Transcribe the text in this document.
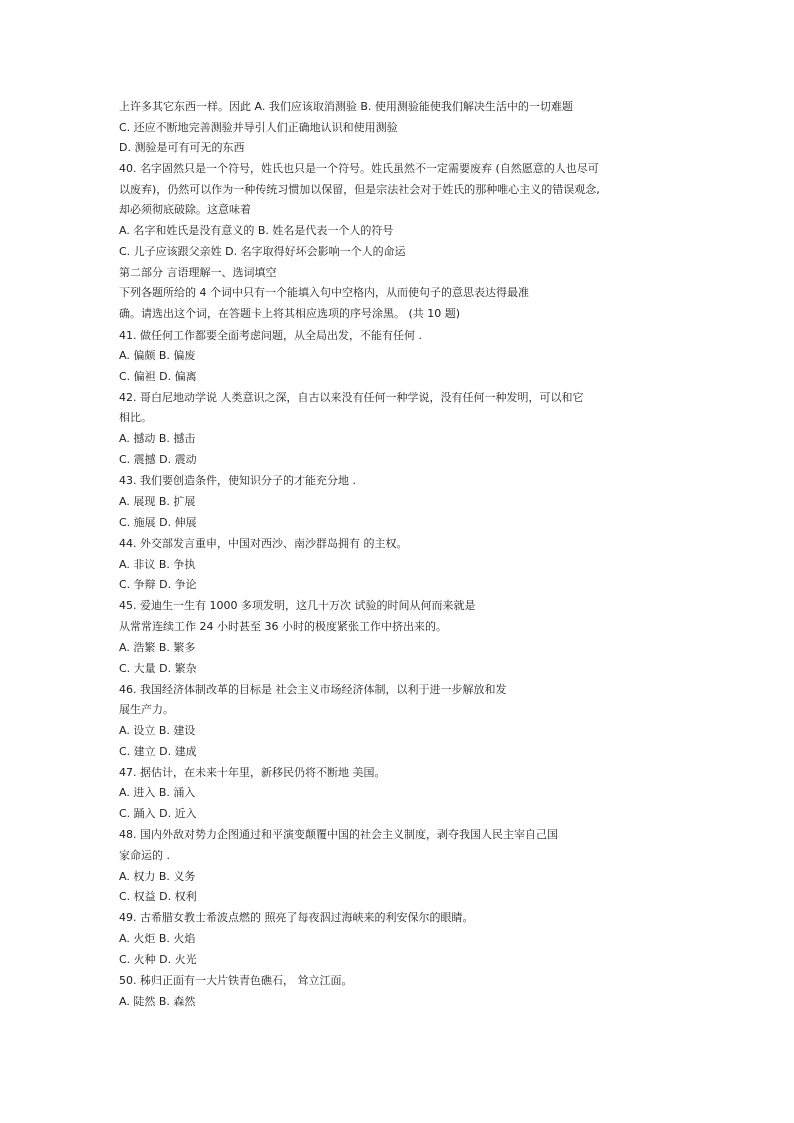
上许多其它东西一样。因此 A. 我们应该取消测验 B. 使用测验能使我们解决生活中的一切难题
C. 还应不断地完善测验并导引人们正确地认识和使用测验
D. 测验是可有可无的东西
40. 名字固然只是一个符号，姓氏也只是一个符号。姓氏虽然不一定需要废弃 (自然愿意的人也尽可
以废弃)，仍然可以作为一种传统习惯加以保留，但是宗法社会对于姓氏的那种唯心主义的错误观念,
却必须彻底破除。这意味着
A. 名字和姓氏是没有意义的 B. 姓名是代表一个人的符号
C. 儿子应该跟父亲姓 D. 名字取得好坏会影响一个人的命运
第二部分 言语理解一、选词填空
下列各题所给的 4 个词中只有一个能填入句中空格内，从而使句子的意思表达得最准
确。请选出这个词，在答题卡上将其相应选项的序号涂黑。 (共 10 题)
41. 做任何工作都要全面考虑问题，从全局出发，不能有任何 .
A. 偏颇 B. 偏废
C. 偏袒 D. 偏离
42. 哥白尼地动学说 人类意识之深，自古以来没有任何一种学说，没有任何一种发明，可以和它
相比。
A. 撼动 B. 撼击
C. 震撼 D. 震动
43. 我们要创造条件，使知识分子的才能充分地 .
A. 展现 B. 扩展
C. 施展 D. 伸展
44. 外交部发言重申，中国对西沙、南沙群岛拥有 的主权。
A. 非议 B. 争执
C. 争辩 D. 争论
45. 爱迪生一生有 1000 多项发明，这几十万次 试验的时间从何而来就是
从常常连续工作 24 小时甚至 36 小时的极度紧张工作中挤出来的。
A. 浩繁 B. 繁多
C. 大量 D. 繁杂
46. 我国经济体制改革的目标是 社会主义市场经济体制，以利于进一步解放和发
展生产力。
A. 设立 B. 建设
C. 建立 D. 建成
47. 据估计，在未来十年里，新移民仍将不断地 美国。
A. 进入 B. 涌入
C. 踊入 D. 近入
48. 国内外敌对势力企图通过和平演变颠覆中国的社会主义制度，剥夺我国人民主宰自己国
家命运的 .
A. 权力 B. 义务
C. 权益 D. 权利
49. 古希腊女教士希波点燃的 照亮了每夜泅过海峡来的利安保尔的眼睛。
A. 火炬 B. 火焰
C. 火种 D. 火光
50. 秭归正面有一大片铁青色礁石， 耸立江面。
A. 陡然 B. 森然
